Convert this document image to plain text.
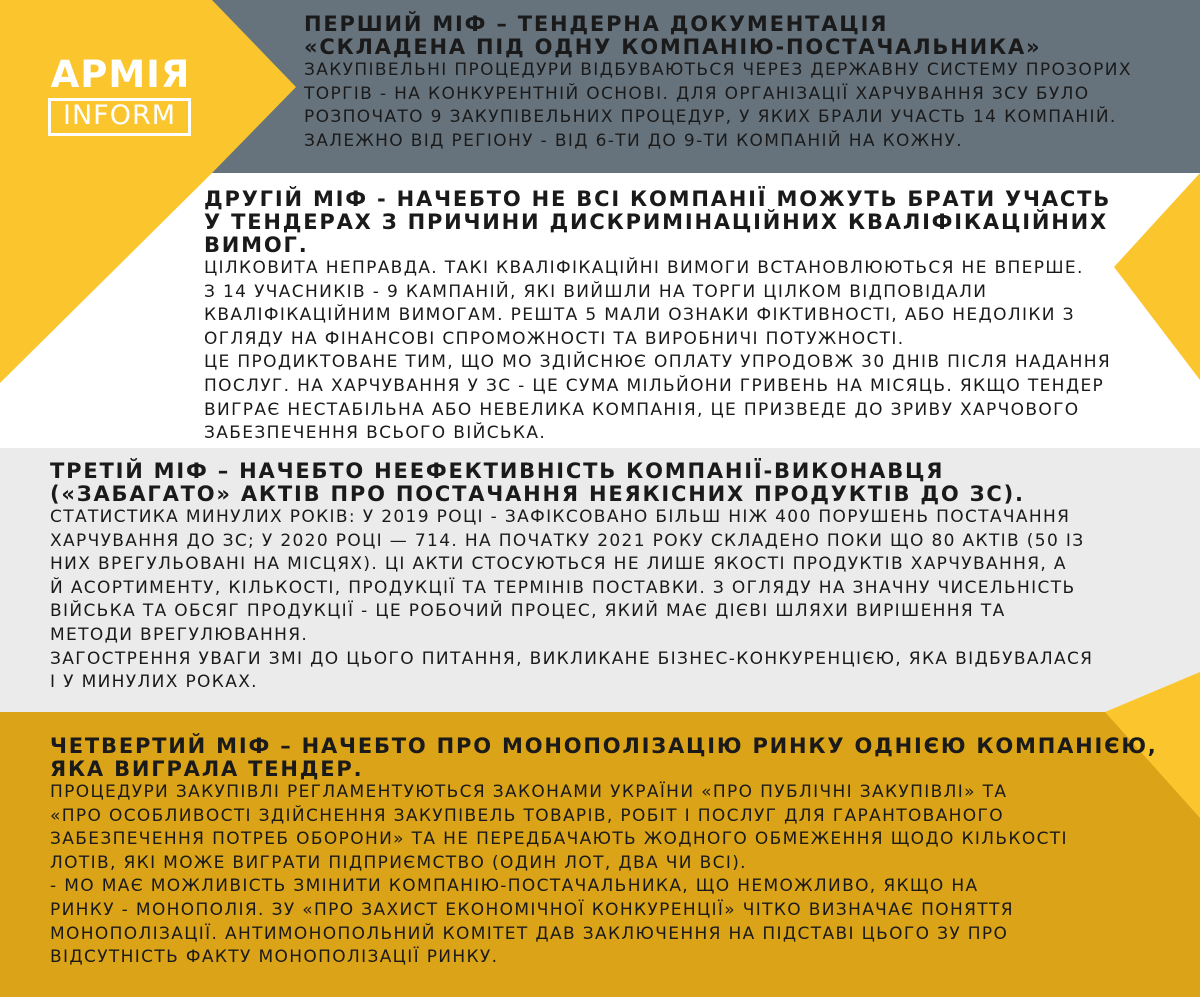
АРМІЯ
INFORM
ПЕРШИЙ МІФ – ТЕНДЕРНА ДОКУМЕНТАЦІЯ
«СКЛАДЕНА ПІД ОДНУ КОМПАНІЮ-ПОСТАЧАЛЬНИКА»

ЗАКУПІВЕЛЬНІ ПРОЦЕДУРИ ВІДБУВАЮТЬСЯ ЧЕРЕЗ ДЕРЖАВНУ СИСТЕМУ ПРОЗОРИХ
ТОРГІВ - НА КОНКУРЕНТНІЙ ОСНОВІ. ДЛЯ ОРГАНІЗАЦІЇ ХАРЧУВАННЯ ЗСУ БУЛО
РОЗПОЧАТО 9 ЗАКУПІВЕЛЬНИХ ПРОЦЕДУР, У ЯКИХ БРАЛИ УЧАСТЬ 14 КОМПАНІЙ.
ЗАЛЕЖНО ВІД РЕГІОНУ - ВІД 6-ТИ ДО 9-ТИ КОМПАНІЙ НА КОЖНУ.

ДРУГІЙ МІФ - НАЧЕБТО НЕ ВСІ КОМПАНІЇ МОЖУТЬ БРАТИ УЧАСТЬ
У ТЕНДЕРАХ З ПРИЧИНИ ДИСКРИМІНАЦІЙНИХ КВАЛІФІКАЦІЙНИХ ВИМОГ.

ЦІЛКОВИТА НЕПРАВДА. ТАКІ КВАЛІФІКАЦІЙНІ ВИМОГИ ВСТАНОВЛЮЮТЬСЯ НЕ ВПЕРШЕ.
З 14 УЧАСНИКІВ - 9 КАМПАНІЙ, ЯКІ ВИЙШЛИ НА ТОРГИ ЦІЛКОМ ВІДПОВІДАЛИ
КВАЛІФІКАЦІЙНИМ ВИМОГАМ. РЕШТА 5 МАЛИ ОЗНАКИ ФІКТИВНОСТІ, АБО НЕДОЛІКИ З
ОГЛЯДУ НА ФІНАНСОВІ СПРОМОЖНОСТІ ТА ВИРОБНИЧІ ПОТУЖНОСТІ.
ЦЕ ПРОДИКТОВАНЕ ТИМ, ЩО МО ЗДІЙСНЮЄ ОПЛАТУ УПРОДОВЖ 30 ДНІВ ПІСЛЯ НАДАННЯ
ПОСЛУГ. НА ХАРЧУВАННЯ У ЗС - ЦЕ СУМА МІЛЬЙОНИ ГРИВЕНЬ НА МІСЯЦЬ. ЯКЩО ТЕНДЕР
ВИГРАЄ НЕСТАБІЛЬНА АБО НЕВЕЛИКА КОМПАНІЯ, ЦЕ ПРИЗВЕДЕ ДО ЗРИВУ ХАРЧОВОГО
ЗАБЕЗПЕЧЕННЯ ВСЬОГО ВІЙСЬКА.

ТРЕТІЙ МІФ – НАЧЕБТО НЕЕФЕКТИВНІСТЬ КОМПАНІЇ-ВИКОНАВЦЯ
(«ЗАБАГАТО» АКТІВ ПРО ПОСТАЧАННЯ НЕЯКІСНИХ ПРОДУКТІВ ДО ЗС).

СТАТИСТИКА МИНУЛИХ РОКІВ: У 2019 РОЦІ - ЗАФІКСОВАНО БІЛЬШ НІЖ 400 ПОРУШЕНЬ ПОСТАЧАННЯ
ХАРЧУВАННЯ ДО ЗС; У 2020 РОЦІ — 714. НА ПОЧАТКУ 2021 РОКУ СКЛАДЕНО ПОКИ ЩО 80 АКТІВ (50 ІЗ
НИХ ВРЕГУЛЬОВАНІ НА МІСЦЯХ). ЦІ АКТИ СТОСУЮТЬСЯ НЕ ЛИШЕ ЯКОСТІ ПРОДУКТІВ ХАРЧУВАННЯ, А
Й АСОРТИМЕНТУ, КІЛЬКОСТІ, ПРОДУКЦІЇ ТА ТЕРМІНІВ ПОСТАВКИ. З ОГЛЯДУ НА ЗНАЧНУ ЧИСЕЛЬНІСТЬ
ВІЙСЬКА ТА ОБСЯГ ПРОДУКЦІЇ - ЦЕ РОБОЧИЙ ПРОЦЕС, ЯКИЙ МАЄ ДІЄВІ ШЛЯХИ ВИРІШЕННЯ ТА
МЕТОДИ ВРЕГУЛЮВАННЯ.
ЗАГОСТРЕННЯ УВАГИ ЗМІ ДО ЦЬОГО ПИТАННЯ, ВИКЛИКАНЕ БІЗНЕС-КОНКУРЕНЦІЄЮ, ЯКА ВІДБУВАЛАСЯ
І У МИНУЛИХ РОКАХ.

ЧЕТВЕРТИЙ МІФ – НАЧЕБТО ПРО МОНОПОЛІЗАЦІЮ РИНКУ ОДНІЄЮ КОМПАНІЄЮ,
ЯКА ВИГРАЛА ТЕНДЕР.

ПРОЦЕДУРИ ЗАКУПІВЛІ РЕГЛАМЕНТУЮТЬСЯ ЗАКОНАМИ УКРАЇНИ «ПРО ПУБЛІЧНІ ЗАКУПІВЛІ» ТА
«ПРО ОСОБЛИВОСТІ ЗДІЙСНЕННЯ ЗАКУПІВЕЛЬ ТОВАРІВ, РОБІТ І ПОСЛУГ ДЛЯ ГАРАНТОВАНОГО
ЗАБЕЗПЕЧЕННЯ ПОТРЕБ ОБОРОНИ» ТА НЕ ПЕРЕДБАЧАЮТЬ ЖОДНОГО ОБМЕЖЕННЯ ЩОДО КІЛЬКОСТІ
ЛОТІВ, ЯКІ МОЖЕ ВИГРАТИ ПІДПРИЄМСТВО (ОДИН ЛОТ, ДВА ЧИ ВСІ).
- МО МАЄ МОЖЛИВІСТЬ ЗМІНИТИ КОМПАНІЮ-ПОСТАЧАЛЬНИКА, ЩО НЕМОЖЛИВО, ЯКЩО НА
РИНКУ - МОНОПОЛІЯ. ЗУ «ПРО ЗАХИСТ ЕКОНОМІЧНОЇ КОНКУРЕНЦІЇ» ЧІТКО ВИЗНАЧАЄ ПОНЯТТЯ
МОНОПОЛІЗАЦІЇ. АНТИМОНОПОЛЬНИЙ КОМІТЕТ ДАВ ЗАКЛЮЧЕННЯ НА ПІДСТАВІ ЦЬОГО ЗУ ПРО
ВІДСУТНІСТЬ ФАКТУ МОНОПОЛІЗАЦІЇ РИНКУ.
